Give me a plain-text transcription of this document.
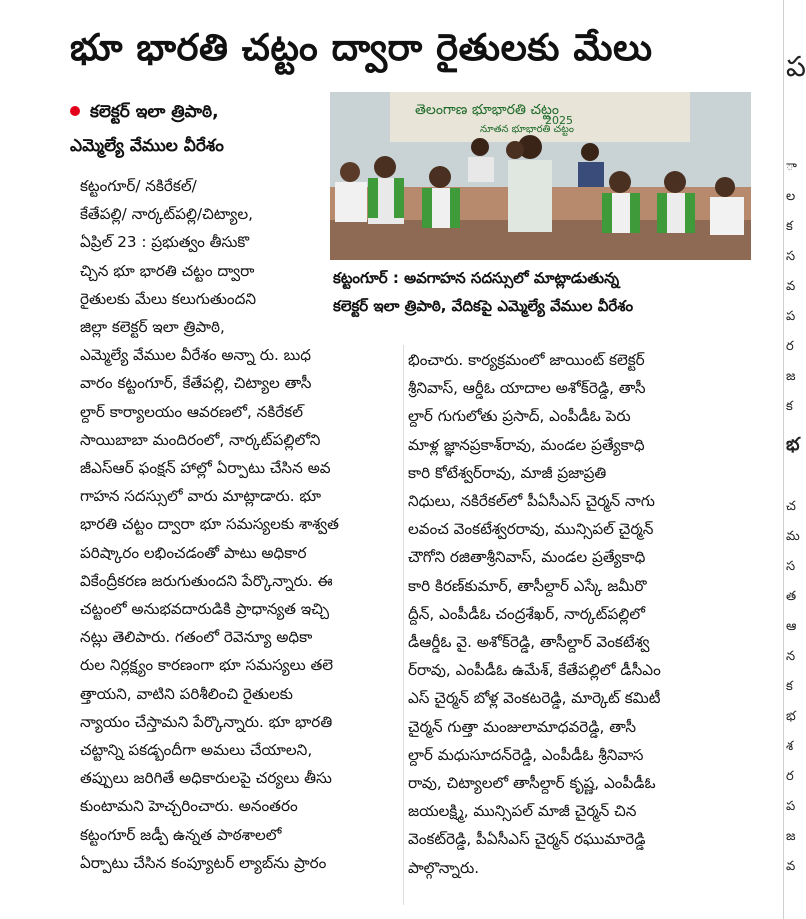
భూ భారతి చట్టం ద్వారా రైతులకు మేలు
కలెక్టర్ ఇలా త్రిపాఠి,
ఎమ్మెల్యే వేముల వీరేశం
తెలంగాణ భూభారతి చట్టం
నూతన భూభారతి చట్టం
2025
కట్టంగూర్ : అవగాహన సదస్సులో మాట్లాడుతున్న
కలెక్టర్ ఇలా త్రిపాఠి, వేదికపై ఎమ్మెల్యే వేముల వీరేశం
కట్టంగూర్/ నకిరేకల్/
కేతేపల్లి/ నార్కట్‌పల్లి/చిట్యాల,
ఏప్రిల్ 23 : ప్రభుత్వం తీసుకొ
చ్చిన భూ భారతి చట్టం ద్వారా
రైతులకు మేలు కలుగుతుందని
జిల్లా కలెక్టర్ ఇలా త్రిపాఠి,
ఎమ్మెల్యే వేముల వీరేశం అన్నా రు. బుధ
వారం కట్టంగూర్, కేతేపల్లి, చిట్యాల తాసీ
ల్దార్ కార్యాలయం ఆవరణలో, నకిరేకల్
సాయిబాబా మందిరంలో, నార్కట్‌పల్లిలోని
జీఎస్‌ఆర్ ఫంక్షన్ హాల్లో ఏర్పాటు చేసిన అవ
గాహన సదస్సులో వారు మాట్లాడారు. భూ
భారతి చట్టం ద్వారా భూ సమస్యలకు శాశ్వత
పరిష్కారం లభించడంతో పాటు అధికార
వికేంద్రీకరణ జరుగుతుందని పేర్కొన్నారు. ఈ
చట్టంలో అనుభవదారుడికి ప్రాధాన్యత ఇచ్చి
నట్లు తెలిపారు. గతంలో రెవెన్యూ అధికా
రుల నిర్లక్ష్యం కారణంగా భూ సమస్యలు తలె
త్తాయని, వాటిని పరిశీలించి రైతులకు
న్యాయం చేస్తామని పేర్కొన్నారు. భూ భారతి
చట్టాన్ని పకడ్బందీగా అమలు చేయాలని,
తప్పులు జరిగితే అధికారులపై చర్యలు తీసు
కుంటామని హెచ్చరించారు. అనంతరం
కట్టంగూర్ జడ్పీ ఉన్నత పాఠశాలలో
ఏర్పాటు చేసిన కంప్యూటర్ ల్యాబ్‌ను ప్రారం
భించారు. కార్యక్రమంలో జాయింట్ కలెక్టర్
శ్రీనివాస్, ఆర్డీఓ యాదాల అశోక్‌రెడ్డి, తాసీ
ల్దార్ గుగులోతు ప్రసాద్, ఎంపీడీఓ పెరు
మాళ్ల జ్ఞానప్రకాశ్‌రావు, మండల ప్రత్యేకాధి
కారి కోటేశ్వర్‌రావు, మాజీ ప్రజాప్రతి
నిధులు, నకిరేకల్‌లో పీఏసీఎస్ చైర్మన్ నాగు
లవంచ వెంకటేశ్వరరావు, మున్సిపల్ చైర్మన్
చౌగోని రజితాశ్రీనివాస్, మండల ప్రత్యేకాధి
కారి కిరణ్‌కుమార్, తాసీల్దార్ ఎస్కే జమీరొ
ద్దీన్, ఎంపీడీఓ చంద్రశేఖర్, నార్కట్‌పల్లిలో
డీఆర్డీఓ వై. అశోక్‌రెడ్డి, తాసీల్దార్ వెంకటేశ్వ
ర్‌రావు, ఎంపీడీఓ ఉమేశ్, కేతేపల్లిలో డీసీఎం
ఎస్ చైర్మన్ బోళ్ల వెంకటరెడ్డి, మార్కెట్ కమిటీ
చైర్మన్ గుత్తా మంజులామాధవరెడ్డి, తాసీ
ల్దార్ మధుసూదన్‌రెడ్డి, ఎంపీడీఓ శ్రీనివాస
రావు, చిట్యాలలో తాసీల్దార్ కృష్ణ, ఎంపీడీఓ
జయలక్ష్మి, మున్సిపల్ మాజీ చైర్మన్ చిన
వెంకట్‌రెడ్డి, పీఏసీఎస్ చైర్మన్ రఘుమారెడ్డి
పాల్గొన్నారు.
ప
ా
ల
క
స
వ
ప
ర
జ
క
భ
చ
మ
స
త
ఆ
న
క
భ
శ
ర
ప
జ
వ
